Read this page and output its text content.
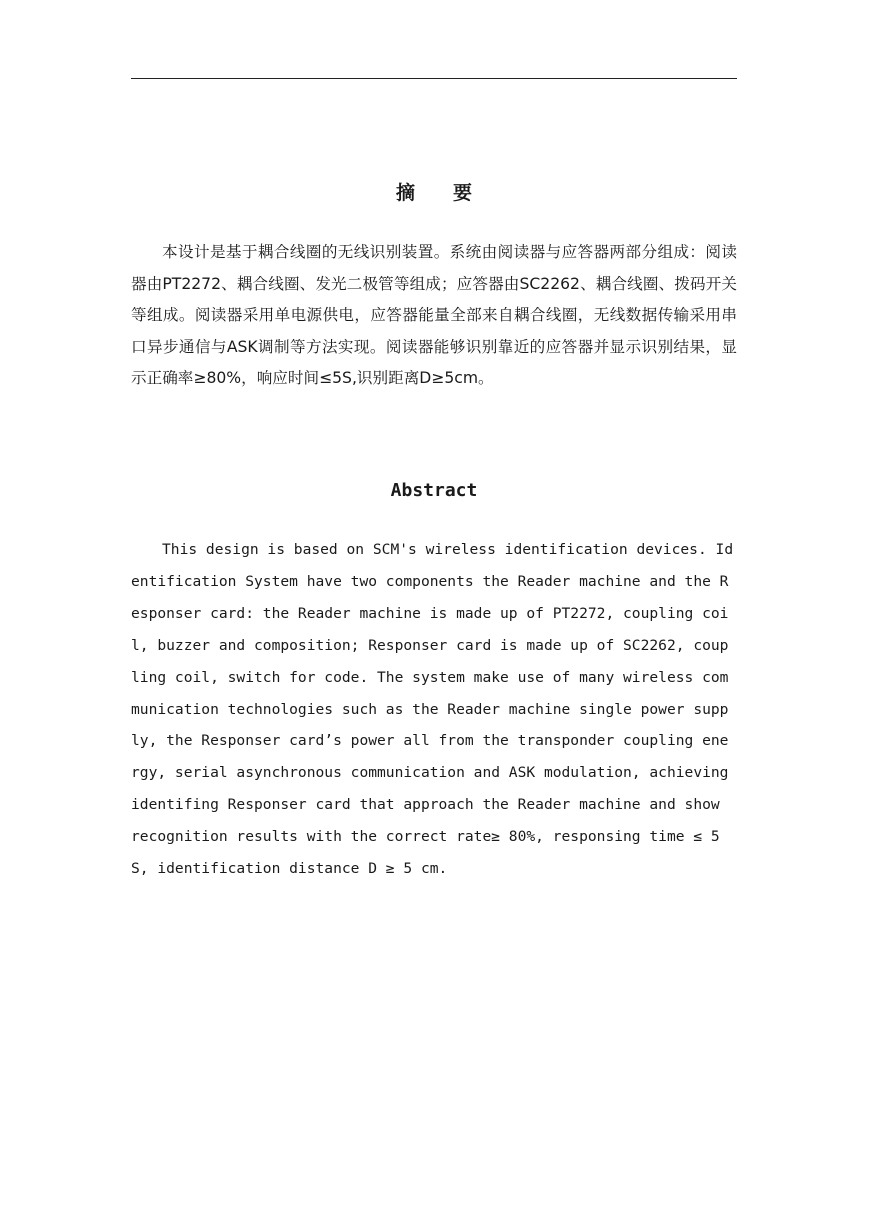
摘 要

本设计是基于耦合线圈的无线识别装置。系统由阅读器与应答器两部分组成：阅读器由PT2272、耦合线圈、发光二极管等组成；应答器由SC2262、耦合线圈、拨码开关等组成。阅读器采用单电源供电，应答器能量全部来自耦合线圈，无线数据传输采用串口异步通信与ASK调制等方法实现。阅读器能够识别靠近的应答器并显示识别结果，显示正确率≥80%，响应时间≤5S,识别距离D≥5cm。

Abstract

This design is based on SCM's wireless identification devices. Identification System have two components the Reader machine and the Responser card: the Reader machine is made up of PT2272, coupling coil, buzzer and composition; Responser card is made up of SC2262, coupling coil, switch for code. The system make use of many wireless communication technologies such as the Reader machine single power supply, the Responser card’s power all from the transponder coupling energy, serial asynchronous communication and ASK modulation, achieving identifing Responser card that approach the Reader machine and show recognition results with the correct rate≥ 80%, responsing time ≤ 5S, identification distance D ≥ 5 cm.
